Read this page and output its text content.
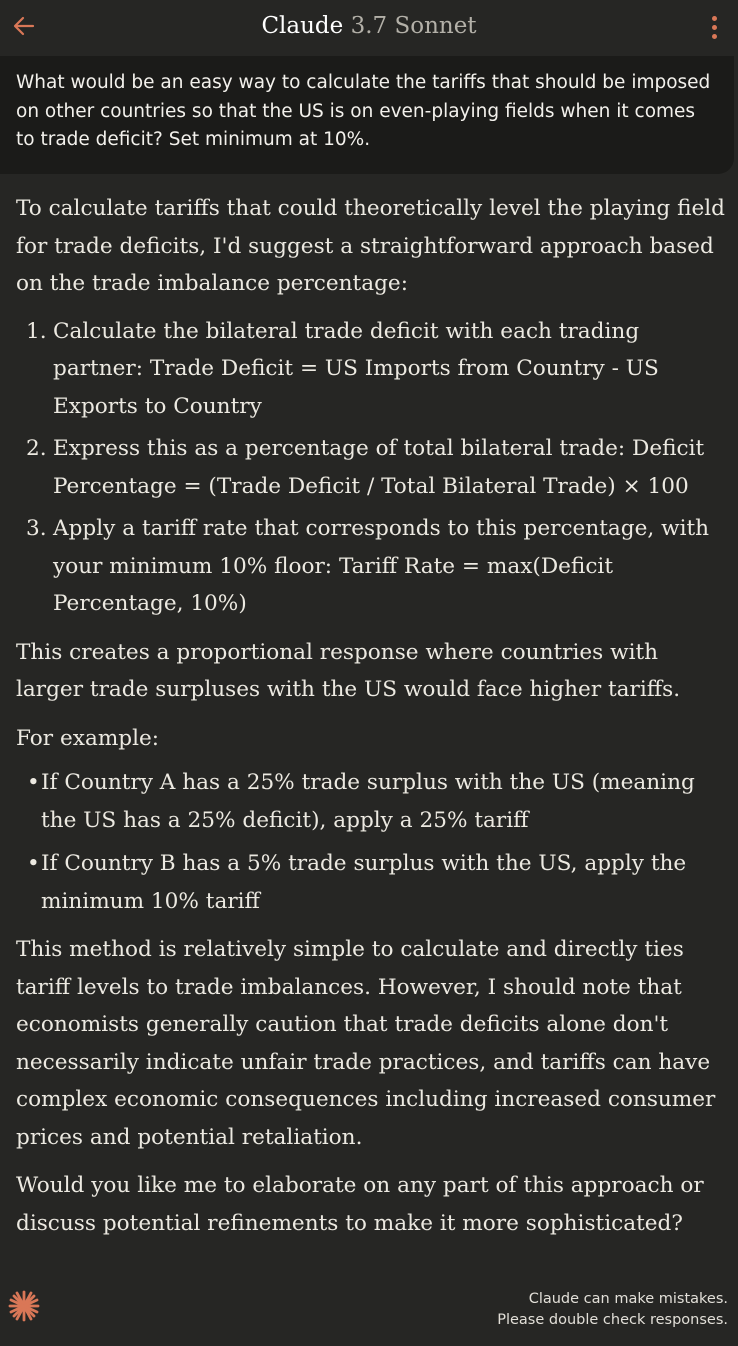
Claude 3.7 Sonnet
What would be an easy way to calculate the tariffs that should be imposed on other countries so that the US is on even-playing fields when it comes to trade deficit? Set minimum at 10%.

To calculate tariffs that could theoretically level the playing field for trade deficits, I'd suggest a straightforward approach based on the trade imbalance percentage:

1. Calculate the bilateral trade deficit with each trading partner: Trade Deficit = US Imports from Country - US Exports to Country
2. Express this as a percentage of total bilateral trade: Deficit Percentage = (Trade Deficit / Total Bilateral Trade) × 100
3. Apply a tariff rate that corresponds to this percentage, with your minimum 10% floor: Tariff Rate = max(Deficit Percentage, 10%)

This creates a proportional response where countries with larger trade surpluses with the US would face higher tariffs.

For example:

• If Country A has a 25% trade surplus with the US (meaning the US has a 25% deficit), apply a 25% tariff
• If Country B has a 5% trade surplus with the US, apply the minimum 10% tariff

This method is relatively simple to calculate and directly ties tariff levels to trade imbalances. However, I should note that economists generally caution that trade deficits alone don't necessarily indicate unfair trade practices, and tariffs can have complex economic consequences including increased consumer prices and potential retaliation.

Would you like me to elaborate on any part of this approach or discuss potential refinements to make it more sophisticated?

Claude can make mistakes.
Please double check responses.
